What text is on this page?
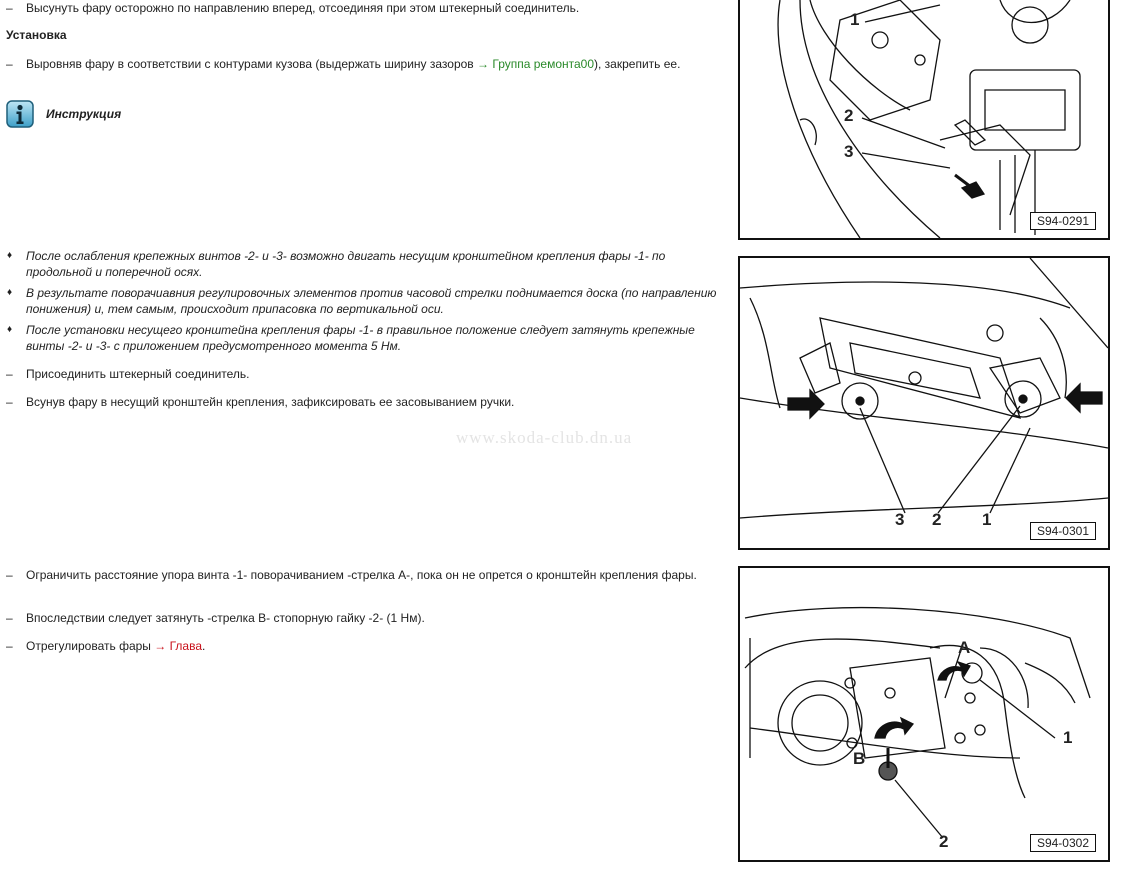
– Высунуть фару осторожно по направлению вперед, отсоединяя при этом штекерный соединитель.
Установка
– Выровняв фару в соответствии с контурами кузова (выдержать ширину зазоров → Группа ремонта00), закрепить ее.
Инструкция
♦ После ослабления крепежных винтов -2- и -3- возможно двигать несущим кронштейном крепления фары -1- по продольной и поперечной осях.
♦ В результате поворачиавния регулировочных элементов против часовой стрелки поднимается доска (по направлению понижения) и, тем самым, происходит припасовка по вертикальной оси.
♦ После установки несущего кронштейна крепления фары -1- в правильное положение следует затянуть крепежные винты -2- и -3- с приложением предусмотренного момента 5 Нм.
– Присоединить штекерный соединитель.
– Всунув фару в несущий кронштейн крепления, зафиксировать ее засовыванием ручки.
www.skoda-club.dn.ua
– Ограничить расстояние упора винта -1- поворачиванием -стрелка A-, пока он не опрется о кронштейн крепления фары.
– Впоследствии следует затянуть -стрелка B- стопорную гайку -2- (1 Нм).
– Отрегулировать фары → Глава.
1
2
3
S94-0291
3 2 1
S94-0301
A
1
B
2	S94-0302
